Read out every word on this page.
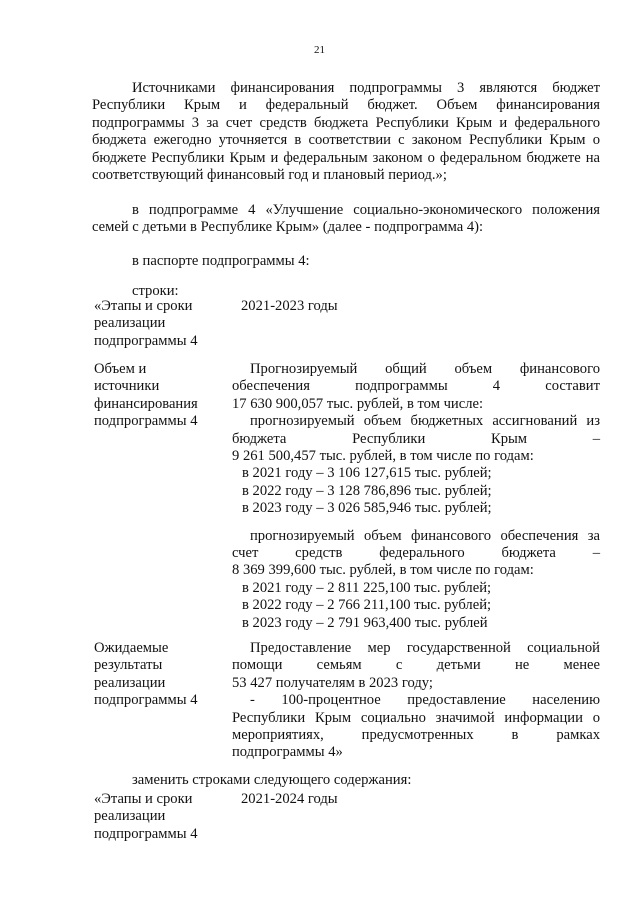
21
Источниками финансирования подпрограммы 3 являются бюджет Республики Крым и федеральный бюджет. Объем финансирования подпрограммы 3 за счет средств бюджета Республики Крым и федерального бюджета ежегодно уточняется в соответствии с законом Республики Крым о бюджете Республики Крым и федеральным законом о федеральном бюджете на соответствующий финансовый год и плановый период.»;
в подпрограмме 4 «Улучшение социально-экономического положения семей с детьми в Республике Крым» (далее - подпрограмма 4):
в паспорте подпрограммы 4:
строки:
«Этапы и сроки
реализации
подпрограммы 4
2021-2023 годы
Объем и
источники
финансирования
подпрограммы 4
Прогнозируемый общий объем финансового
обеспечения подпрограммы 4 составит
17 630 900,057 тыс. рублей, в том числе:
прогнозируемый объем бюджетных ассигнований из
бюджета Республики Крым –
9 261 500,457 тыс. рублей, в том числе по годам:
в 2021 году – 3 106 127,615 тыс. рублей;
в 2022 году – 3 128 786,896 тыс. рублей;
в 2023 году – 3 026 585,946 тыс. рублей;
прогнозируемый объем финансового обеспечения за
счет средств федерального бюджета –
8 369 399,600 тыс. рублей, в том числе по годам:
в 2021 году – 2 811 225,100 тыс. рублей;
в 2022 году – 2 766 211,100 тыс. рублей;
в 2023 году – 2 791 963,400 тыс. рублей
Ожидаемые
результаты
реализации
подпрограммы 4
Предоставление мер государственной социальной
помощи семьям с детьми не менее
53 427 получателям в 2023 году;
- 100-процентное предоставление населению
Республики Крым социально значимой информации о
мероприятиях, предусмотренных в рамках
подпрограммы 4»
заменить строками следующего содержания:
«Этапы и сроки
реализации
подпрограммы 4
2021-2024 годы
